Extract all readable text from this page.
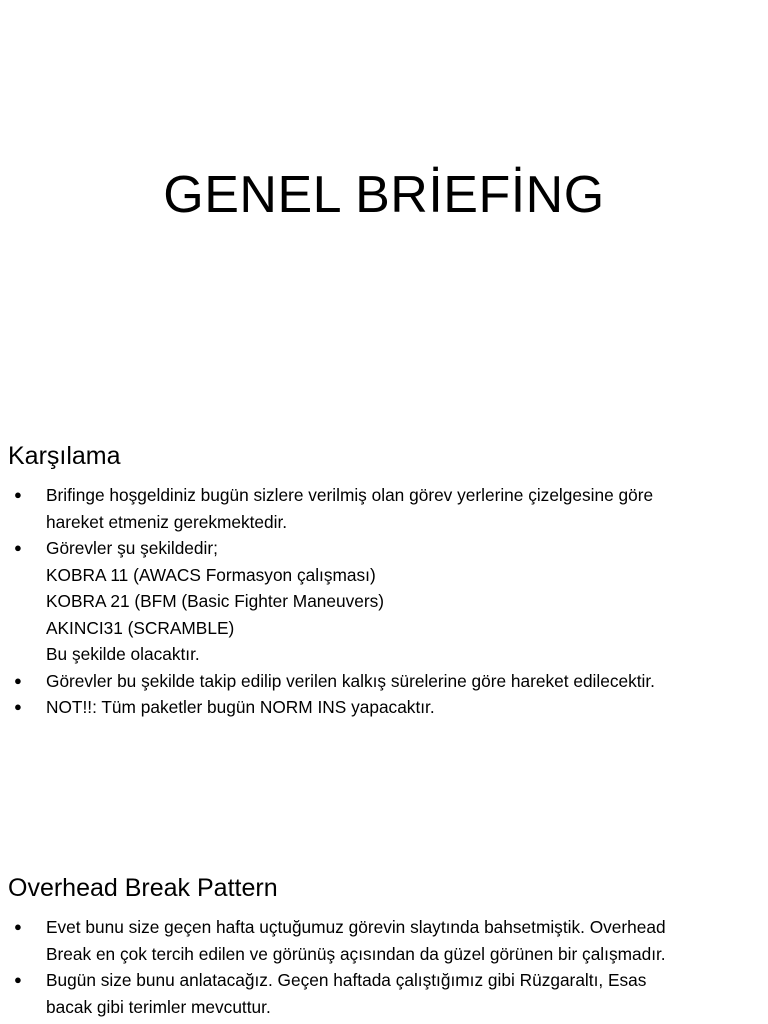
GENEL BRİEFİNG
Karşılama
● Brifinge hoşgeldiniz bugün sizlere verilmiş olan görev yerlerine çizelgesine göre
hareket etmeniz gerekmektedir.
● Görevler şu şekildedir;
KOBRA 11 (AWACS Formasyon çalışması)
KOBRA 21 (BFM (Basic Fighter Maneuvers)
AKINCI31 (SCRAMBLE)
Bu şekilde olacaktır.
● Görevler bu şekilde takip edilip verilen kalkış sürelerine göre hareket edilecektir.
● NOT!!: Tüm paketler bugün NORM INS yapacaktır.
Overhead Break Pattern
● Evet bunu size geçen hafta uçtuğumuz görevin slaytında bahsetmiştik. Overhead
Break en çok tercih edilen ve görünüş açısından da güzel görünen bir çalışmadır.
● Bugün size bunu anlatacağız. Geçen haftada çalıştığımız gibi Rüzgaraltı, Esas
bacak gibi terimler mevcuttur.
